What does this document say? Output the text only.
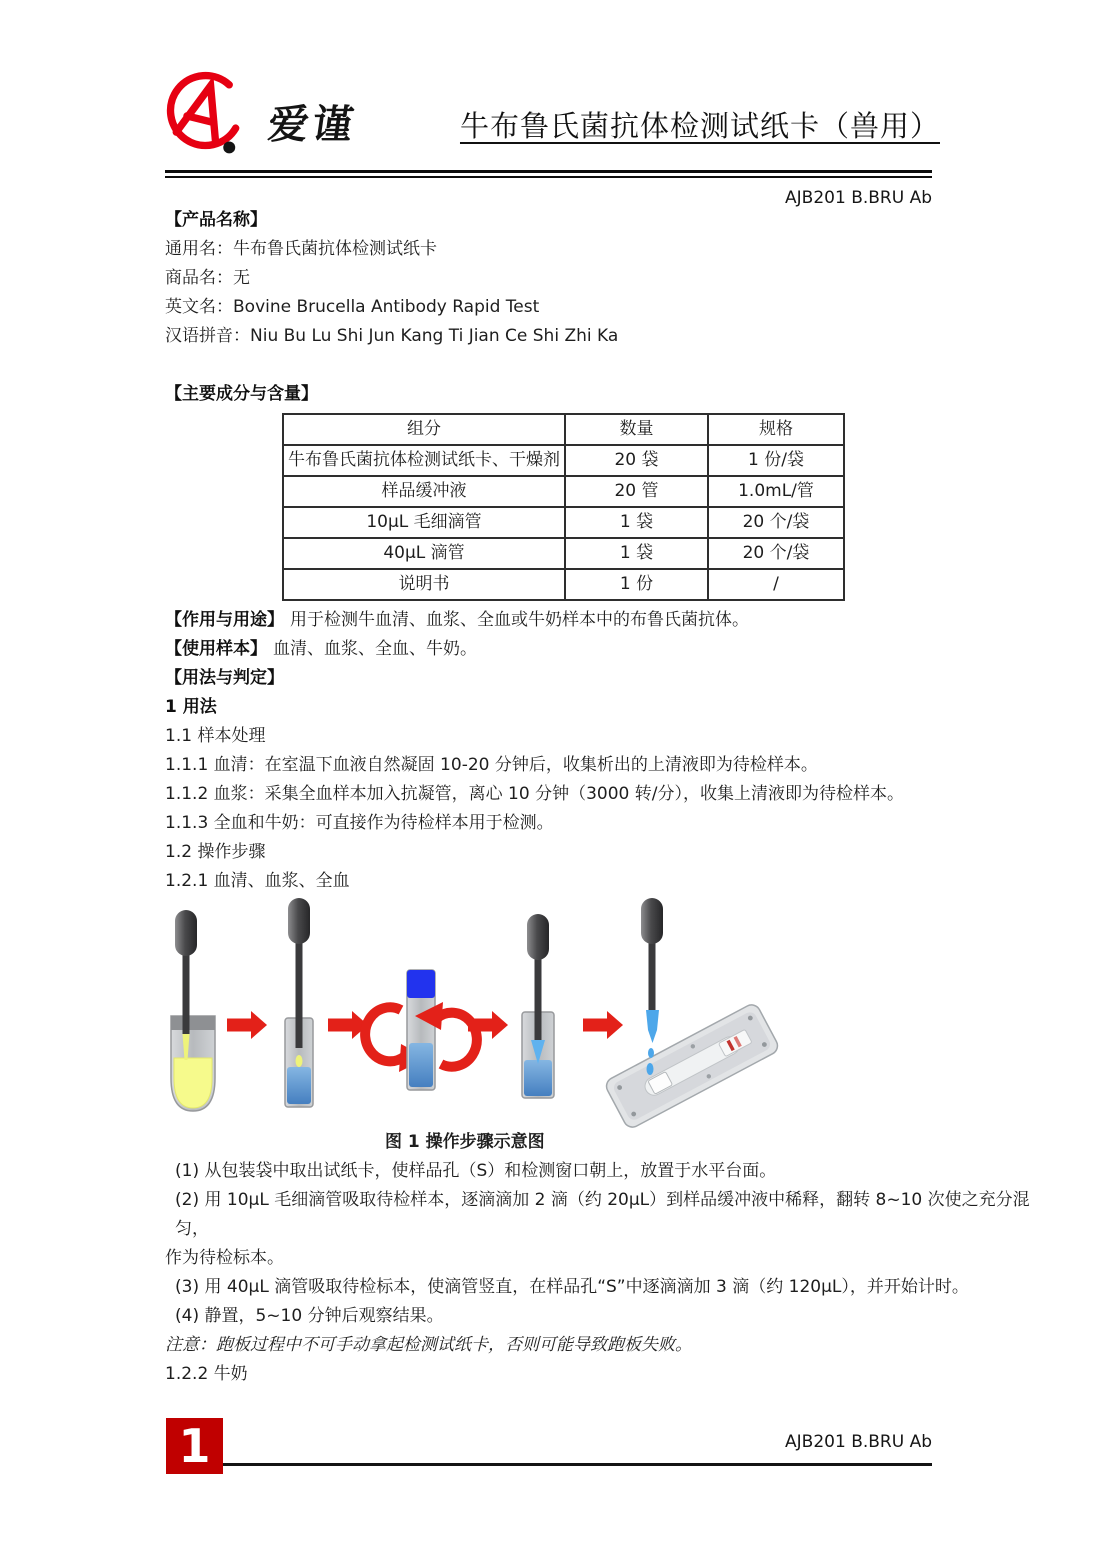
爱谨	牛布鲁氏菌抗体检测试纸卡（兽用）
AJB201 B.BRU Ab

【产品名称】

通用名：牛布鲁氏菌抗体检测试纸卡

商品名：无

英文名：Bovine Brucella Antibody Rapid Test

汉语拼音：Niu Bu Lu Shi Jun Kang Ti Jian Ce Shi Zhi Ka

【主要成分与含量】

组分	数量	规格
牛布鲁氏菌抗体检测试纸卡、干燥剂	20 袋	1 份/袋
样品缓冲液	20 管	1.0mL/管
10μL 毛细滴管	1 袋	20 个/袋
40μL 滴管	1 袋	20 个/袋
说明书	1 份	/

【作用与用途】 用于检测牛血清、血浆、全血或牛奶样本中的布鲁氏菌抗体。

【使用样本】 血清、血浆、全血、牛奶。

【用法与判定】

1 用法

1.1 样本处理

1.1.1 血清：在室温下血液自然凝固 10-20 分钟后，收集析出的上清液即为待检样本。

1.1.2 血浆：采集全血样本加入抗凝管，离心 10 分钟（3000 转/分），收集上清液即为待检样本。

1.1.3 全血和牛奶：可直接作为待检样本用于检测。

1.2 操作步骤

1.2.1 血清、血浆、全血

图 1 操作步骤示意图

(1) 从包装袋中取出试纸卡，使样品孔（S）和检测窗口朝上，放置于水平台面。

(2) 用 10μL 毛细滴管吸取待检样本，逐滴滴加 2 滴（约 20μL）到样品缓冲液中稀释，翻转 8~10 次使之充分混匀，

作为待检标本。

(3) 用 40μL 滴管吸取待检标本，使滴管竖直，在样品孔“S”中逐滴滴加 3 滴（约 120μL），并开始计时。

(4) 静置，5~10 分钟后观察结果。

注意：跑板过程中不可手动拿起检测试纸卡，否则可能导致跑板失败。

1.2.2 牛奶

1	AJB201 B.BRU Ab
